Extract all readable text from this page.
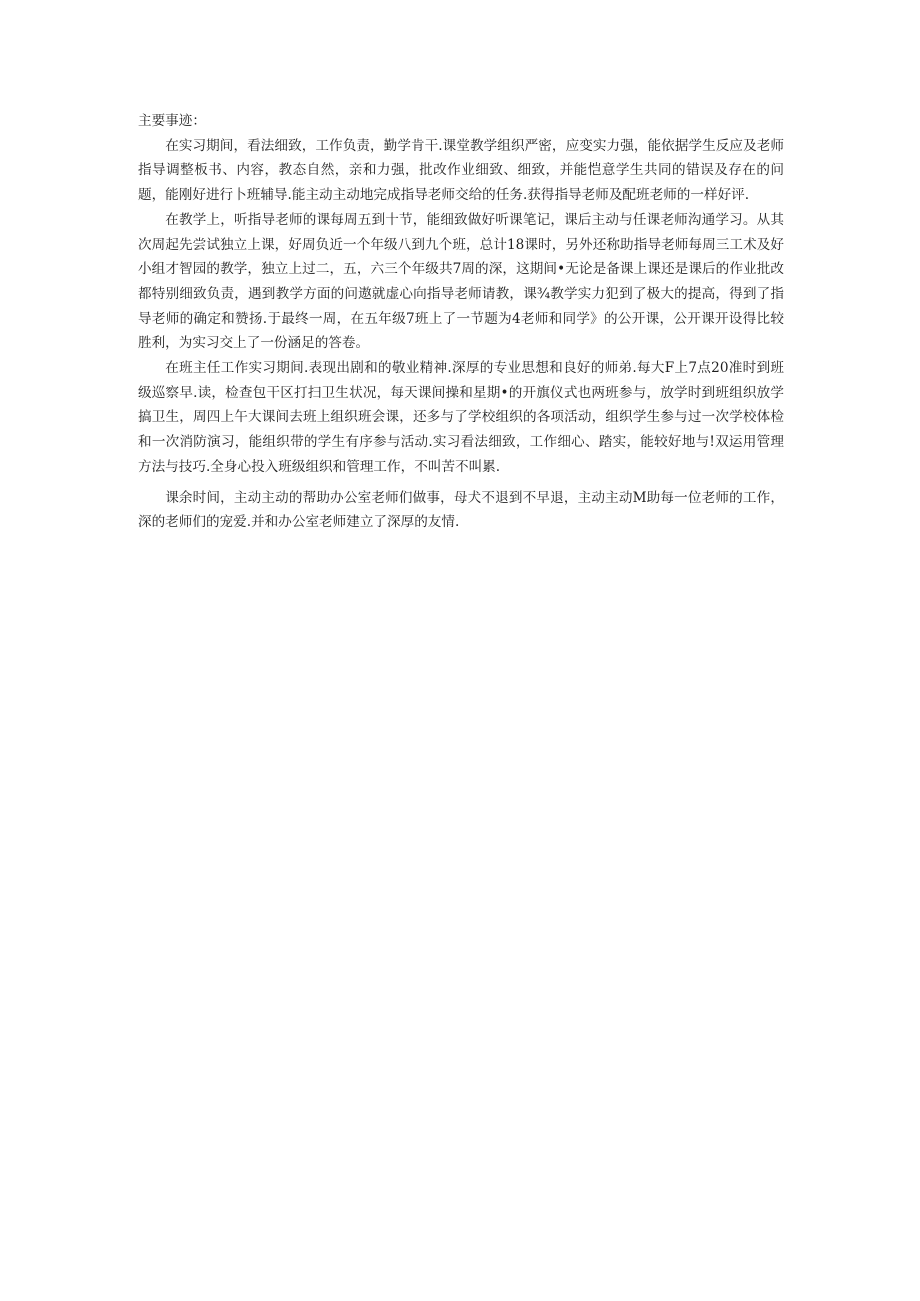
主要事迹：

在实习期间，看法细致，工作负责，勤学肯干.课堂教学组织严密，应变实力强，能依据学生反应及老师指导调整板书、内容，教态自然，亲和力强，批改作业细致、细致，并能恺意学生共同的错误及存在的问题，能刚好进行卜班辅导.能主动主动地完成指导老师交给的任务.获得指导老师及配班老师的一样好评.

在教学上，听指导老师的课每周五到十节，能细致做好听课笔记，课后主动与任课老师沟通学习。从其次周起先尝试独立上课，好周负近一个年级八到九个班，总计18课时，另外还称助指导老师每周三工术及好小组才智园的教学，独立上过二，五，六三个年级共7周的深，这期间•无论是备课上课还是课后的作业批改都特别细致负责，遇到教学方面的问遨就虚心向指导老师请教，课¾教学实力犯到了极大的提高，得到了指导老师的确定和赞扬.于最终一周，在五年级7班上了一节题为4老师和同学》的公开课，公开课开设得比较胜利，为实习交上了一份涵足的答卷。

在班主任工作实习期间.表现出剧和的敬业精神.深厚的专业思想和良好的师弟.每大F上7点20准时到班级巡察早.读，检查包干区打扫卫生状况，每天课间操和星期•的开旗仪式也两班参与，放学时到班组织放学搞卫生，周四上午大课间去班上组织班会课，还多与了学校组织的各项活动，组织学生参与过一次学校体检和一次消防演习，能组织带的学生有序参与活动.实习看法细致，工作细心、踏实，能较好地与!双运用管理方法与技巧.全身心投入班级组织和管理工作，不叫苦不叫累.

课余时间，主动主动的帮助办公室老师们做事，母犬不退到不早退，主动主动M助每一位老师的工作，深的老师们的宠爱.并和办公室老师建立了深厚的友情.
